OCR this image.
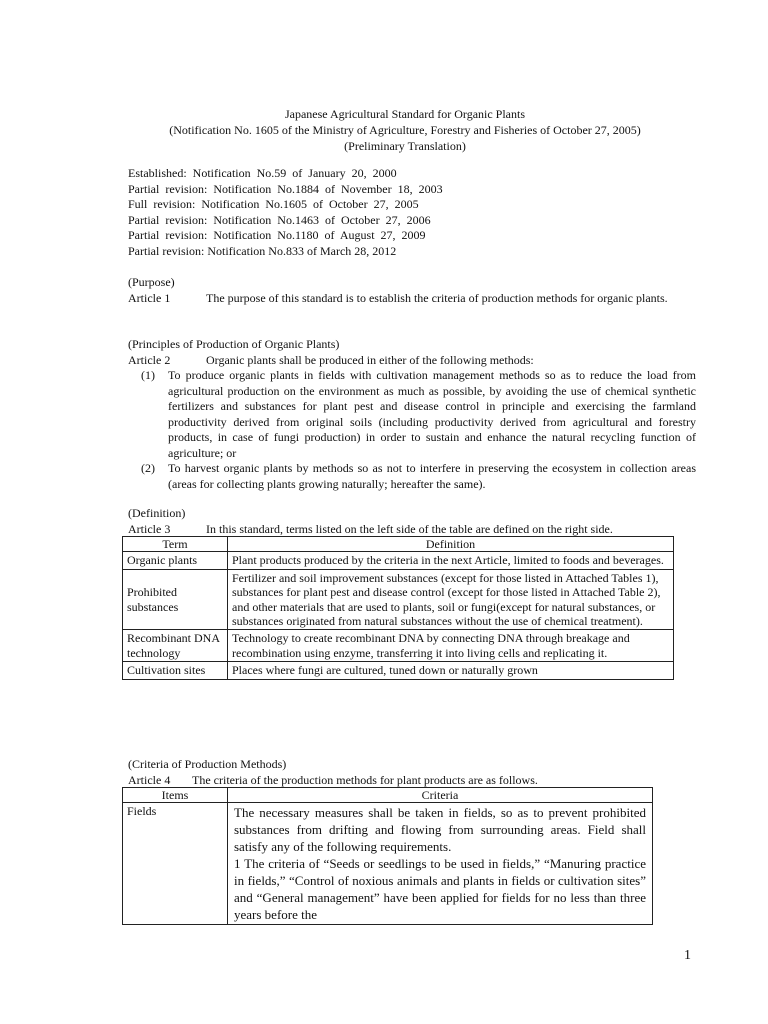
Japanese Agricultural Standard for Organic Plants
(Notification No. 1605 of the Ministry of Agriculture, Forestry and Fisheries of October 27, 2005)
(Preliminary Translation)
Established: Notification No.59 of January 20, 2000
Partial revision: Notification No.1884 of November 18, 2003
Full revision: Notification No.1605 of October 27, 2005
Partial revision: Notification No.1463 of October 27, 2006
Partial revision: Notification No.1180 of August 27, 2009
Partial revision: Notification No.833 of March 28, 2012
(Purpose)
Article 1	The purpose of this standard is to establish the criteria of production methods for organic plants.
(Principles of Production of Organic Plants)
Article 2	Organic plants shall be produced in either of the following methods:
(1) To produce organic plants in fields with cultivation management methods so as to reduce the load from agricultural production on the environment as much as possible, by avoiding the use of chemical synthetic fertilizers and substances for plant pest and disease control in principle and exercising the farmland productivity derived from original soils (including productivity derived from agricultural and forestry products, in case of fungi production) in order to sustain and enhance the natural recycling function of agriculture; or
(2) To harvest organic plants by methods so as not to interfere in preserving the ecosystem in collection areas (areas for collecting plants growing naturally; hereafter the same).
(Definition)
Article 3	In this standard, terms listed on the left side of the table are defined on the right side.
Term	Definition
Organic plants	Plant products produced by the criteria in the next Article, limited to foods and beverages.
Prohibited substances	Fertilizer and soil improvement substances (except for those listed in Attached Tables 1), substances for plant pest and disease control (except for those listed in Attached Table 2), and other materials that are used to plants, soil or fungi(except for natural substances, or substances originated from natural substances without the use of chemical treatment).
Recombinant DNA technology	Technology to create recombinant DNA by connecting DNA through breakage and recombination using enzyme, transferring it into living cells and replicating it.
Cultivation sites	Places where fungi are cultured, tuned down or naturally grown
(Criteria of Production Methods)
Article 4 The criteria of the production methods for plant products are as follows.
Items	Criteria
Fields	The necessary measures shall be taken in fields, so as to prevent prohibited substances from drifting and flowing from surrounding areas. Field shall satisfy any of the following requirements.
1 The criteria of “Seeds or seedlings to be used in fields,” “Manuring practice in fields,” “Control of noxious animals and plants in fields or cultivation sites” and “General management” have been applied for fields for no less than three years before the
1
